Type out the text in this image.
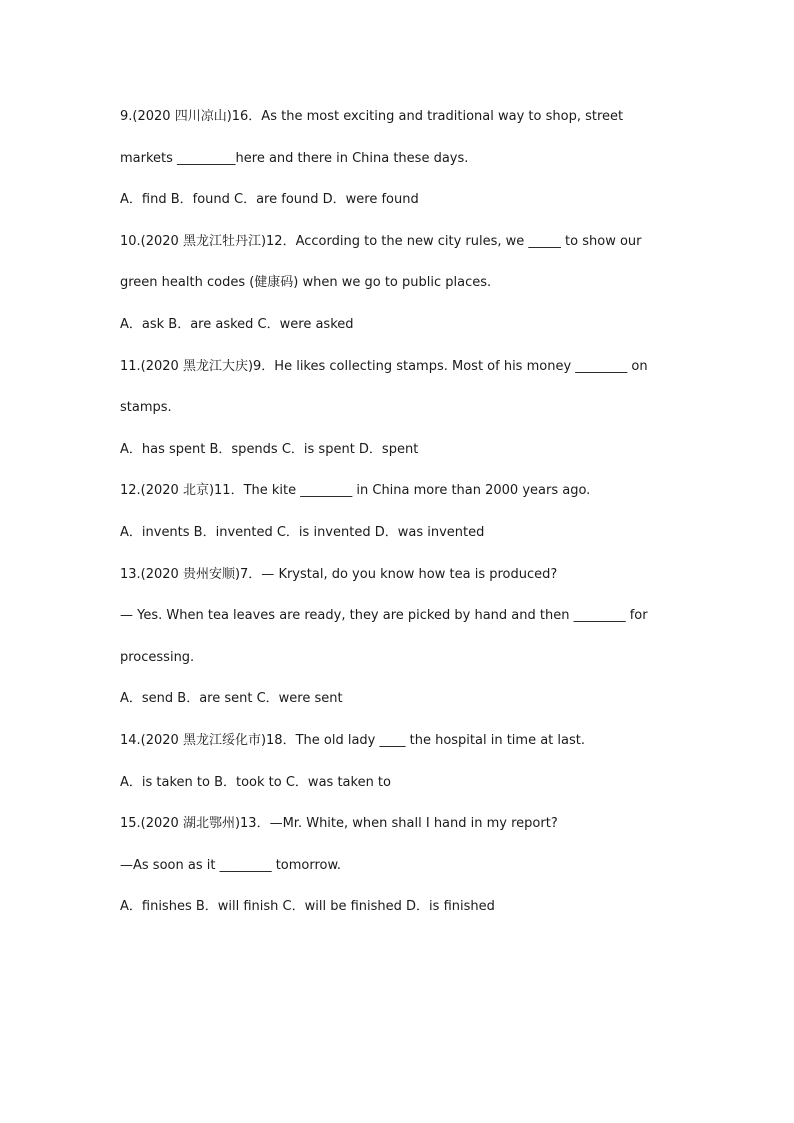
9.(2020 四川凉山)16．As the most exciting and traditional way to shop, street
markets _________here and there in China these days.
A．find B．found C．are found D．were found
10.(2020 黑龙江牡丹江)12．According to the new city rules, we _____ to show our
green health codes (健康码) when we go to public places.
A．ask B．are asked C．were asked
11.(2020 黑龙江大庆)9．He likes collecting stamps. Most of his money ________ on
stamps.
A．has spent B．spends C．is spent D．spent
12.(2020 北京)11．The kite ________ in China more than 2000 years ago.
A．invents B．invented C．is invented D．was invented
13.(2020 贵州安顺)7．— Krystal, do you know how tea is produced?
— Yes. When tea leaves are ready, they are picked by hand and then ________ for
processing.
A．send B．are sent C．were sent
14.(2020 黑龙江绥化市)18．The old lady ____ the hospital in time at last.
A．is taken to B．took to C．was taken to
15.(2020 湖北鄂州)13．—Mr. White, when shall I hand in my report?
—As soon as it ________ tomorrow.
A．finishes B．will finish C．will be finished D．is finished
